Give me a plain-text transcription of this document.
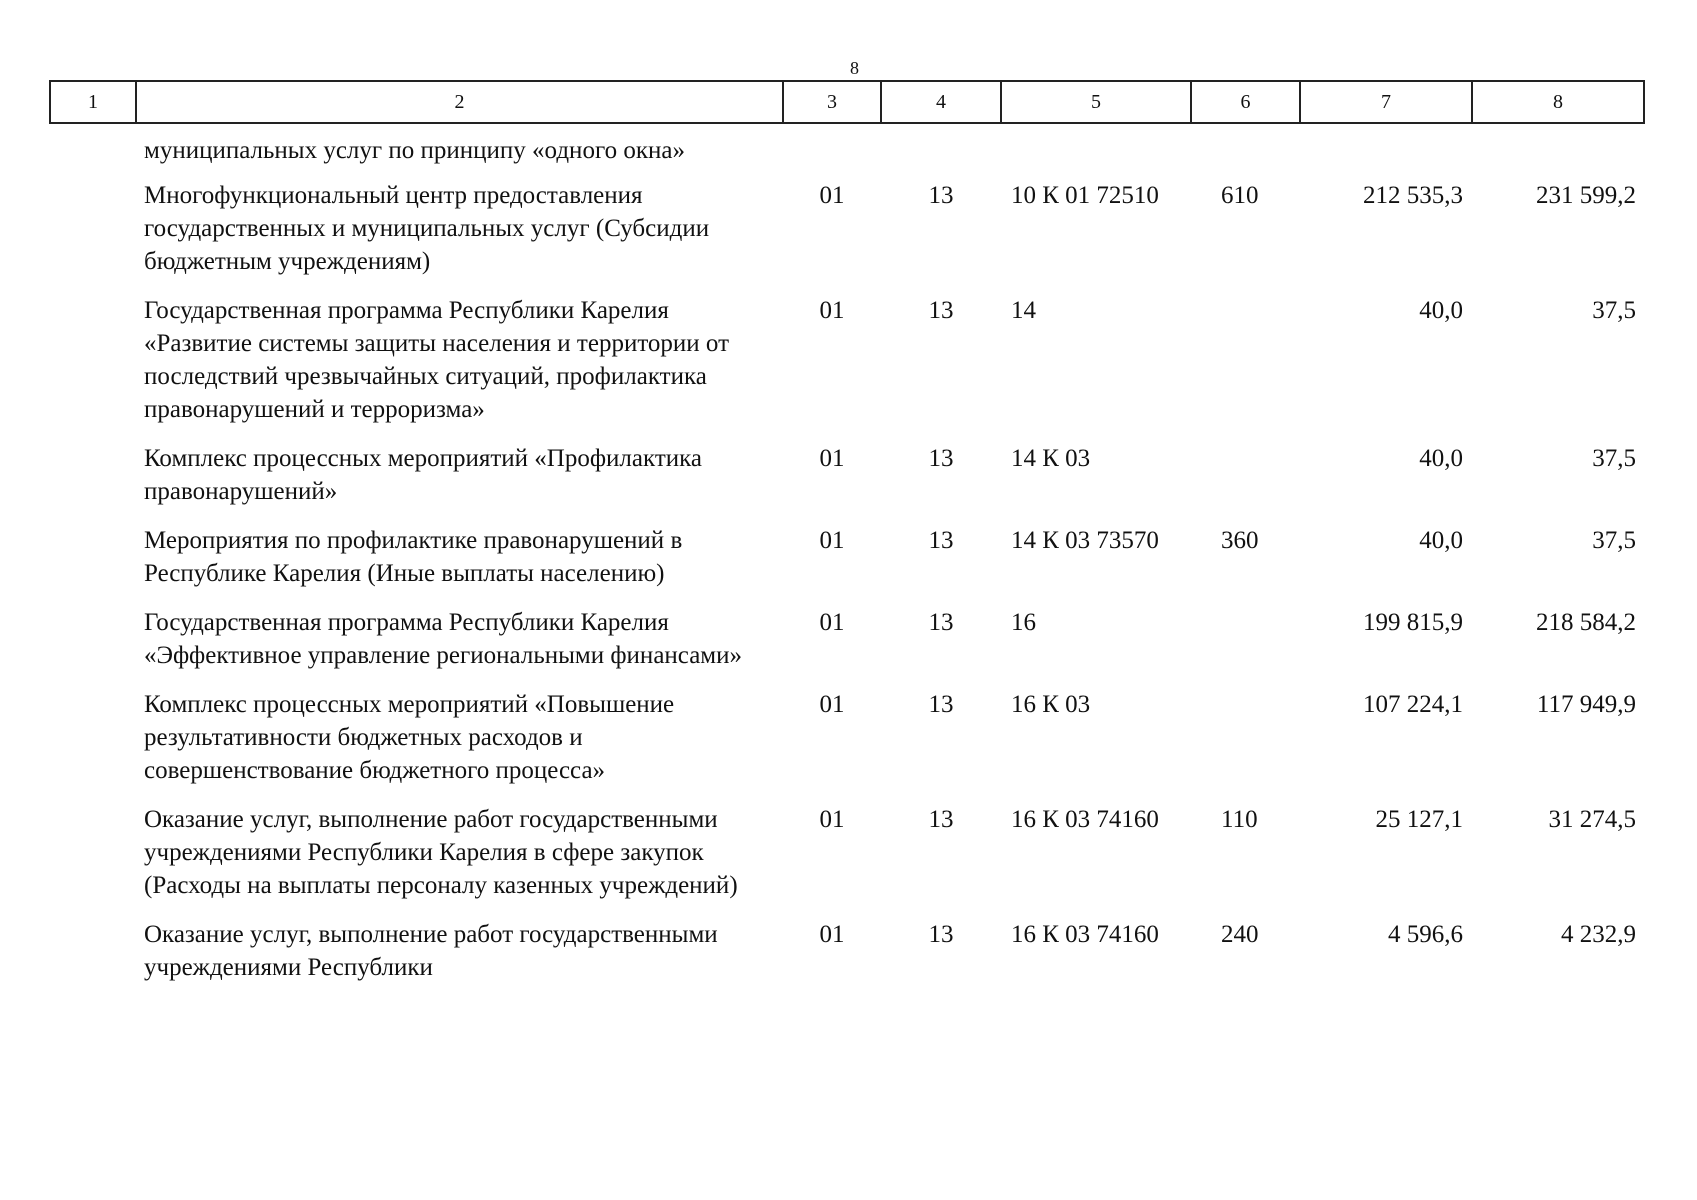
8
1	2	3	4	5	6	7	8
	муниципальных услуг по принципу «одного окна»						
	Многофункциональный центр предоставления государственных и муниципальных услуг (Субсидии бюджетным учреждениям)	01	13	10 К 01 72510	610	212 535,3	231 599,2
	Государственная программа Республики Карелия «Развитие системы защиты населения и территории от последствий чрезвычайных ситуаций, профилактика правонарушений и терроризма»	01	13	14		40,0	37,5
	Комплекс процессных мероприятий «Профилактика правонарушений»	01	13	14 К 03		40,0	37,5
	Мероприятия по профилактике правонарушений в Республике Карелия (Иные выплаты населению)	01	13	14 К 03 73570	360	40,0	37,5
	Государственная программа Республики Карелия «Эффективное управление региональными финансами»	01	13	16		199 815,9	218 584,2
	Комплекс процессных мероприятий «Повышение результативности бюджетных расходов и совершенствование бюджетного процесса»	01	13	16 К 03		107 224,1	117 949,9
	Оказание услуг, выполнение работ государственными учреждениями Республики Карелия в сфере закупок (Расходы на выплаты персоналу казенных учреждений)	01	13	16 К 03 74160	110	25 127,1	31 274,5
	Оказание услуг, выполнение работ государственными учреждениями Республики	01	13	16 К 03 74160	240	4 596,6	4 232,9
